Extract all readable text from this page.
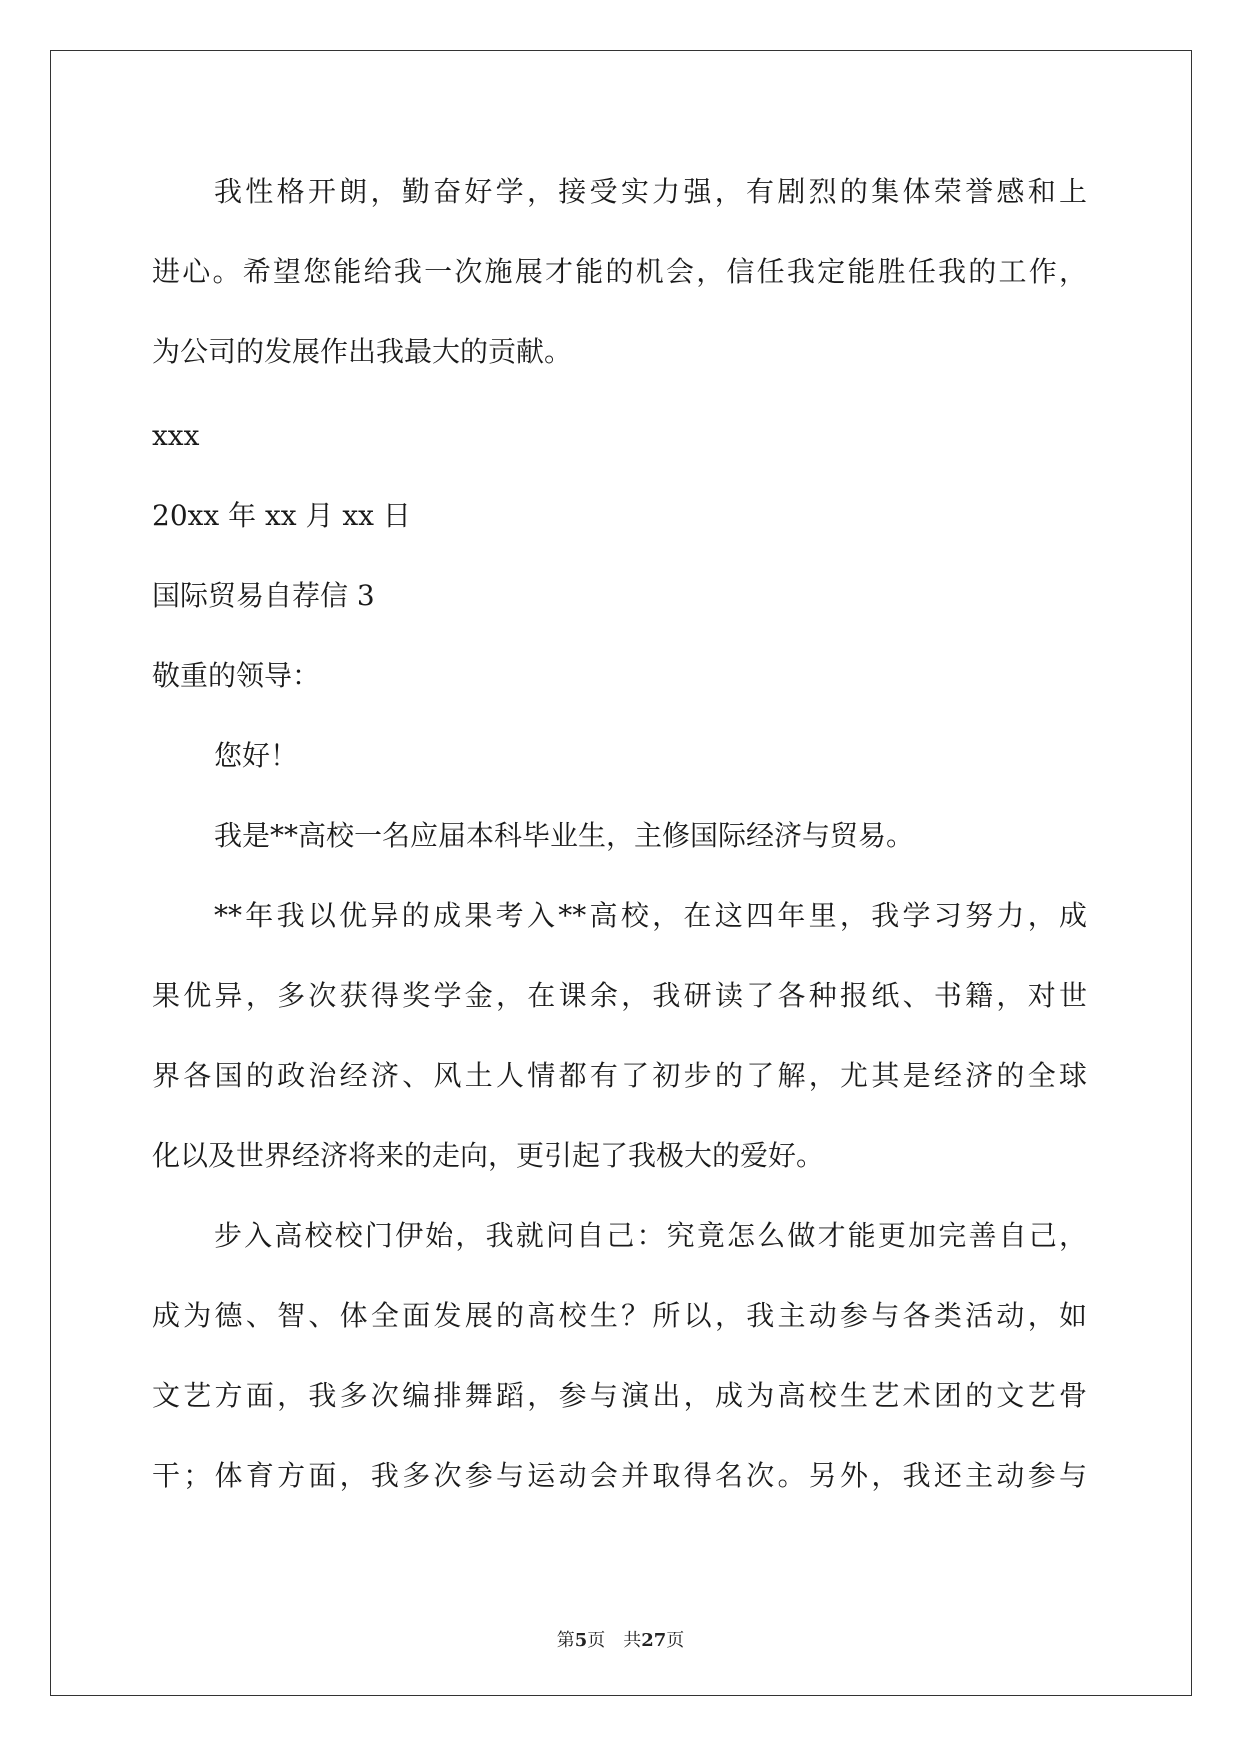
我性格开朗，勤奋好学，接受实力强，有剧烈的集体荣誉感和上
进心。希望您能给我一次施展才能的机会，信任我定能胜任我的工作，
为公司的发展作出我最大的贡献。
xxx
20xx 年 xx 月 xx 日
国际贸易自荐信 3
敬重的领导：
您好！
我是**高校一名应届本科毕业生，主修国际经济与贸易。
**年我以优异的成果考入**高校，在这四年里，我学习努力，成
果优异，多次获得奖学金，在课余，我研读了各种报纸、书籍，对世
界各国的政治经济、风土人情都有了初步的了解，尤其是经济的全球
化以及世界经济将来的走向，更引起了我极大的爱好。
步入高校校门伊始，我就问自己：究竟怎么做才能更加完善自己，
成为德、智、体全面发展的高校生？所以，我主动参与各类活动，如
文艺方面，我多次编排舞蹈，参与演出，成为高校生艺术团的文艺骨
干；体育方面，我多次参与运动会并取得名次。另外，我还主动参与
第5页　共27页
